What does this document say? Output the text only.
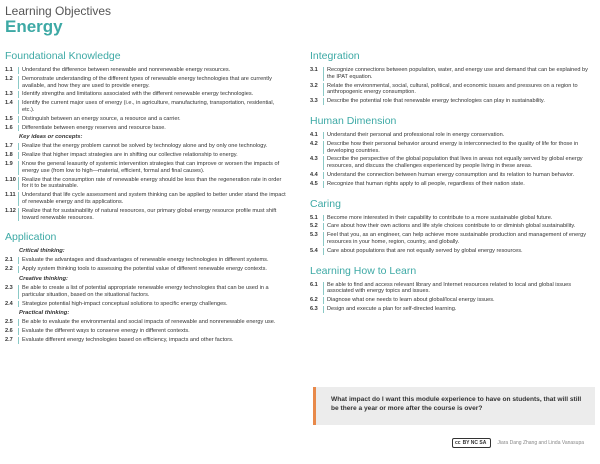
Learning Objectives
Energy
Foundational Knowledge
1.1	Understand the difference between renewable and nonrenewable energy resources.
1.2	Demonstrate understanding of the different types of renewable energy technologies that are currently available, and how they are used to provide energy.
1.3	Identify strengths and limitations associated with the different renewable energy technologies.
1.4	Identify the current major uses of energy (i.e., in agriculture, manufacturing, transportation, residential, etc.).
1.5	Distinguish between an energy source, a resource and a carrier.
1.6	Differentiate between energy reserves and resource base.
Key ideas or concepts:
1.7	Realize that the energy problem cannot be solved by technology alone and by only one technology.
1.8	Realize that higher impact strategies are in shifting our collective relationship to energy.
1.9	Know the general leasurity of systemic intervention strategies that can improve or worsen the impacts of energy use (from low to high—material, efficient, formal and final causes).
1.10	Realize that the consumption rate of renewable energy should be less than the regeneration rate in order for it to be sustainable.
1.11	Understand that life cycle assessment and system thinking can be applied to better under stand the impact of renewable energy and its applications.
1.12	Realize that for sustainability of natural resources, our primary global energy resource profile must shift toward renewable resources.
Application
Critical thinking:
2.1	Evaluate the advantages and disadvantages of renewable energy technologies in different systems.
2.2	Apply system thinking tools to assessing the potential value of different renewable energy contexts.
Creative thinking:
2.3	Be able to create a list of potential appropriate renewable energy technologies that can be used in a particular situation, based on the situational factors.
2.4	Strategize potential high-impact conceptual solutions to specific energy challenges.
Practical thinking:
2.5	Be able to evaluate the environmental and social impacts of renewable and nonrenewable energy use.
2.6	Evaluate the different ways to conserve energy in different contexts.
2.7	Evaluate different energy technologies based on efficiency, impacts and other factors.
Integration
3.1	Recognize connections between population, water, and energy use and demand that can be explained by the IPAT equation.
3.2	Relate the environmental, social, cultural, political, and economic issues and pressures on a region to anthropogenic energy consumption.
3.3	Describe the potential role that renewable energy technologies can play in sustainability.
Human Dimension
4.1	Understand their personal and professional role in energy conservation.
4.2	Describe how their personal behavior around energy is interconnected to the quality of life for those in developing countries.
4.3	Describe the perspective of the global population that lives in areas not equally served by global energy resources, and discuss the challenges experienced by people living in these areas.
4.4	Understand the connection between human energy consumption and its relation to human behavior.
4.5	Recognize that human rights apply to all people, regardless of their nation state.
Caring
5.1	Become more interested in their capability to contribute to a more sustainable global future.
5.2	Care about how their own actions and life style choices contribute to or diminish global sustainability.
5.3	Feel that you, as an engineer, can help achieve more sustainable production and management of energy resources in your home, region, country, and globally.
5.4	Care about populations that are not equally served by global energy resources.
Learning How to Learn
6.1	Be able to find and access relevant library and Internet resources related to local and global issues associated with energy topics and issues.
6.2	Diagnose what one needs to learn about global/local energy issues.
6.3	Design and execute a plan for self-directed learning.
What impact do I want this module experience to have on students, that will still be there a year or more after the course is over?
cc BY NC SA Jiara Dang Zhang and Linda Vanasupa
